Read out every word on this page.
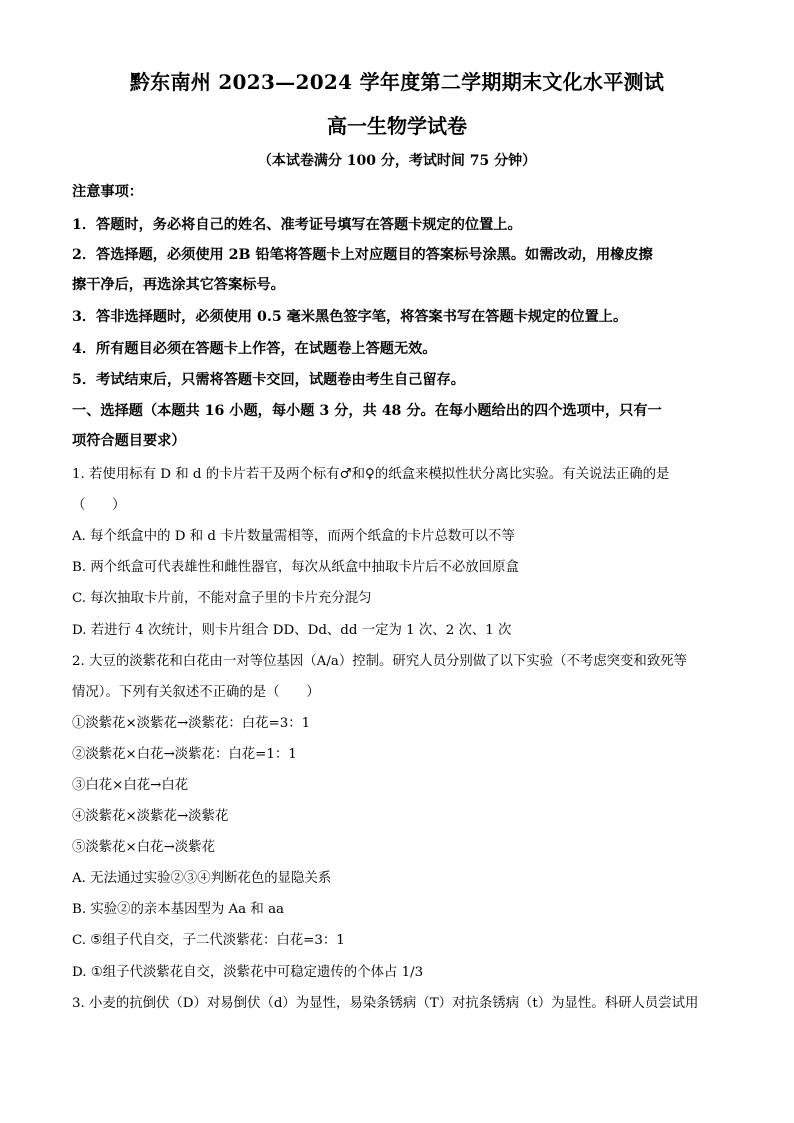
黔东南州 2023—2024 学年度第二学期期末文化水平测试
高一生物学试卷
（本试卷满分 100 分，考试时间 75 分钟）
注意事项：
1．答题时，务必将自己的姓名、准考证号填写在答题卡规定的位置上。
2．答选择题，必须使用 2B 铅笔将答题卡上对应题目的答案标号涂黑。如需改动，用橡皮擦
擦干净后，再选涂其它答案标号。
3．答非选择题时，必须使用 0.5 毫米黑色签字笔，将答案书写在答题卡规定的位置上。
4．所有题目必须在答题卡上作答，在试题卷上答题无效。
5．考试结束后，只需将答题卡交回，试题卷由考生自己留存。
一、选择题（本题共 16 小题，每小题 3 分，共 48 分。在每小题给出的四个选项中，只有一
项符合题目要求）
1. 若使用标有 D 和 d 的卡片若干及两个标有♂和♀的纸盒来模拟性状分离比实验。有关说法正确的是
（　　）
A. 每个纸盒中的 D 和 d 卡片数量需相等，而两个纸盒的卡片总数可以不等
B. 两个纸盒可代表雄性和雌性器官，每次从纸盒中抽取卡片后不必放回原盒
C. 每次抽取卡片前，不能对盒子里的卡片充分混匀
D. 若进行 4 次统计，则卡片组合 DD、Dd、dd 一定为 1 次、2 次、1 次
2. 大豆的淡紫花和白花由一对等位基因（A/a）控制。研究人员分别做了以下实验（不考虑突变和致死等
情况）。下列有关叙述不正确的是（　　）
①淡紫花×淡紫花→淡紫花：白花=3：1
②淡紫花×白花→淡紫花：白花=1：1
③白花×白花→白花
④淡紫花×淡紫花→淡紫花
⑤淡紫花×白花→淡紫花
A. 无法通过实验②③④判断花色的显隐关系
B. 实验②的亲本基因型为 Aa 和 aa
C. ⑤组子代自交，子二代淡紫花：白花=3：1
D. ①组子代淡紫花自交，淡紫花中可稳定遗传的个体占 1/3
3. 小麦的抗倒伏（D）对易倒伏（d）为显性，易染条锈病（T）对抗条锈病（t）为显性。科研人员尝试用
